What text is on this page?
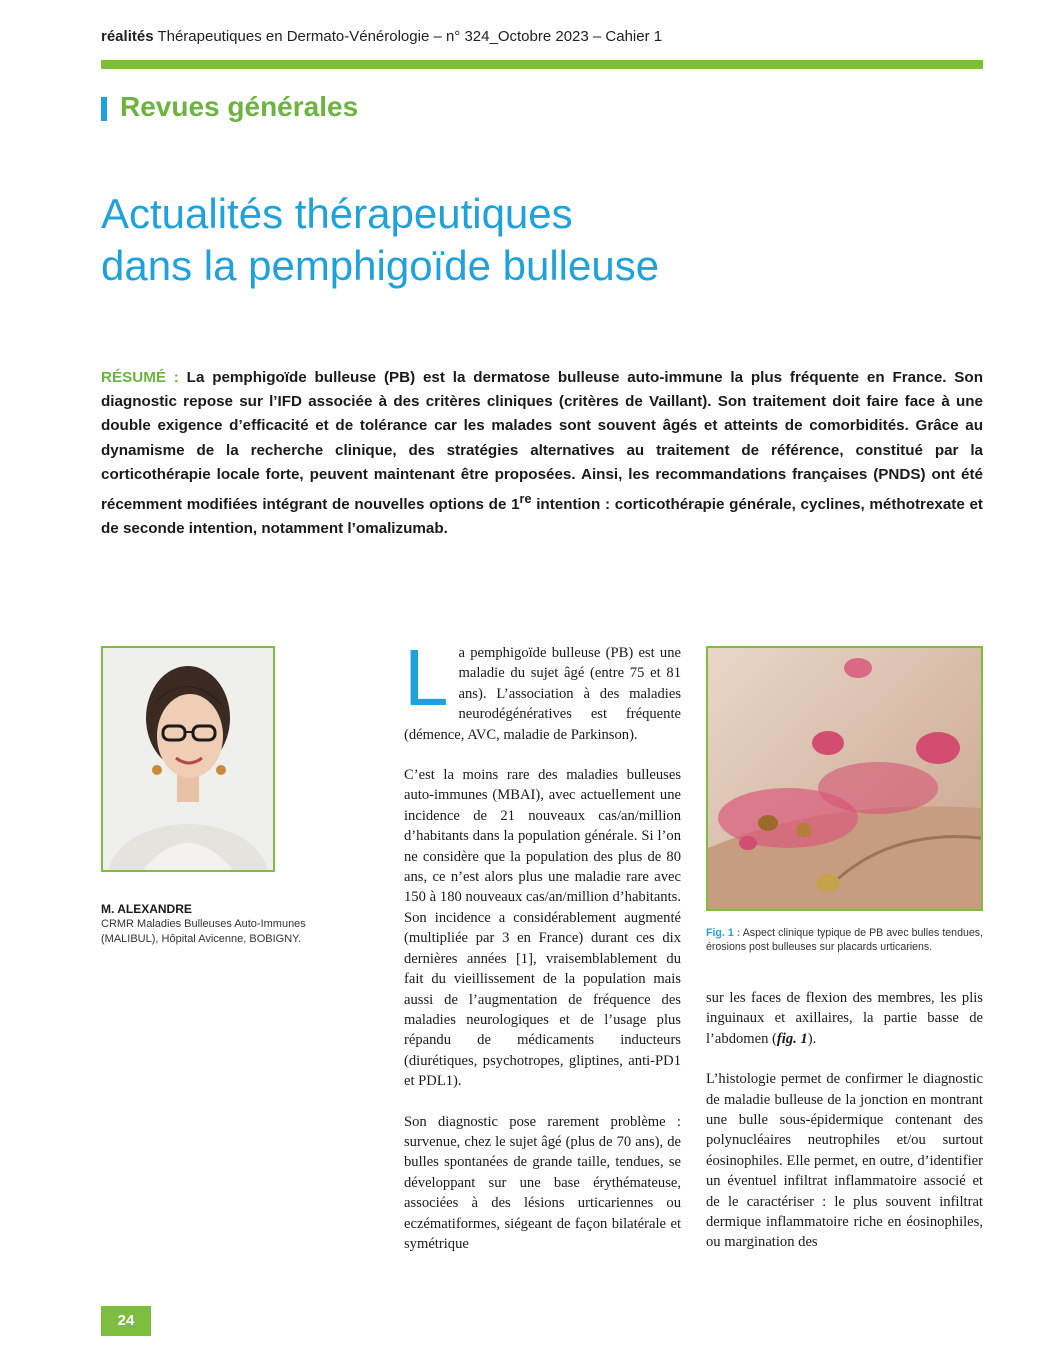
réalités Thérapeutiques en Dermato-Vénérologie – n° 324_Octobre 2023 – Cahier 1
Revues générales
Actualités thérapeutiques
dans la pemphigoïde bulleuse
RÉSUMÉ : La pemphigoïde bulleuse (PB) est la dermatose bulleuse auto-immune la plus fréquente en France. Son diagnostic repose sur l’IFD associée à des critères cliniques (critères de Vaillant). Son traitement doit faire face à une double exigence d’efficacité et de tolérance car les malades sont souvent âgés et atteints de comorbidités. Grâce au dynamisme de la recherche clinique, des stratégies alternatives au traitement de référence, constitué par la corticothérapie locale forte, peuvent maintenant être proposées. Ainsi, les recommandations françaises (PNDS) ont été récemment modifiées intégrant de nouvelles options de 1re intention : corticothérapie générale, cyclines, méthotrexate et de seconde intention, notamment l’omalizumab.
M. ALEXANDRE
CRMR Maladies Bulleuses Auto-Immunes (MALIBUL), Hôpital Avicenne, BOBIGNY.

La pemphigoïde bulleuse (PB) est une maladie du sujet âgé (entre 75 et 81 ans). L’association à des maladies neurodégénératives est fréquente (démence, AVC, maladie de Parkinson).

C’est la moins rare des maladies bulleuses auto-immunes (MBAI), avec actuellement une incidence de 21 nouveaux cas/an/million d’habitants dans la population générale. Si l’on ne considère que la population des plus de 80 ans, ce n’est alors plus une maladie rare avec 150 à 180 nouveaux cas/an/million d’habitants. Son incidence a considérablement augmenté (multipliée par 3 en France) durant ces dix dernières années [1], vraisemblablement du fait du vieillissement de la population mais aussi de l’augmentation de fréquence des maladies neurologiques et de l’usage plus répandu de médicaments inducteurs (diurétiques, psychotropes, gliptines, anti-PD1 et PDL1).

Son diagnostic pose rarement problème : survenue, chez le sujet âgé (plus de 70 ans), de bulles spontanées de grande taille, tendues, se développant sur une base érythémateuse, associées à des lésions urticariennes ou eczématiformes, siégeant de façon bilatérale et symétrique

Fig. 1 : Aspect clinique typique de PB avec bulles tendues, érosions post bulleuses sur placards urticariens.

sur les faces de flexion des membres, les plis inguinaux et axillaires, la partie basse de l’abdomen (fig. 1).

L’histologie permet de confirmer le diagnostic de maladie bulleuse de la jonction en montrant une bulle sous-épidermique contenant des polynucléaires neutrophiles et/ou surtout éosinophiles. Elle permet, en outre, d’identifier un éventuel infiltrat inflammatoire associé et de le caractériser : le plus souvent infiltrat dermique inflammatoire riche en éosinophiles, ou margination des

24
